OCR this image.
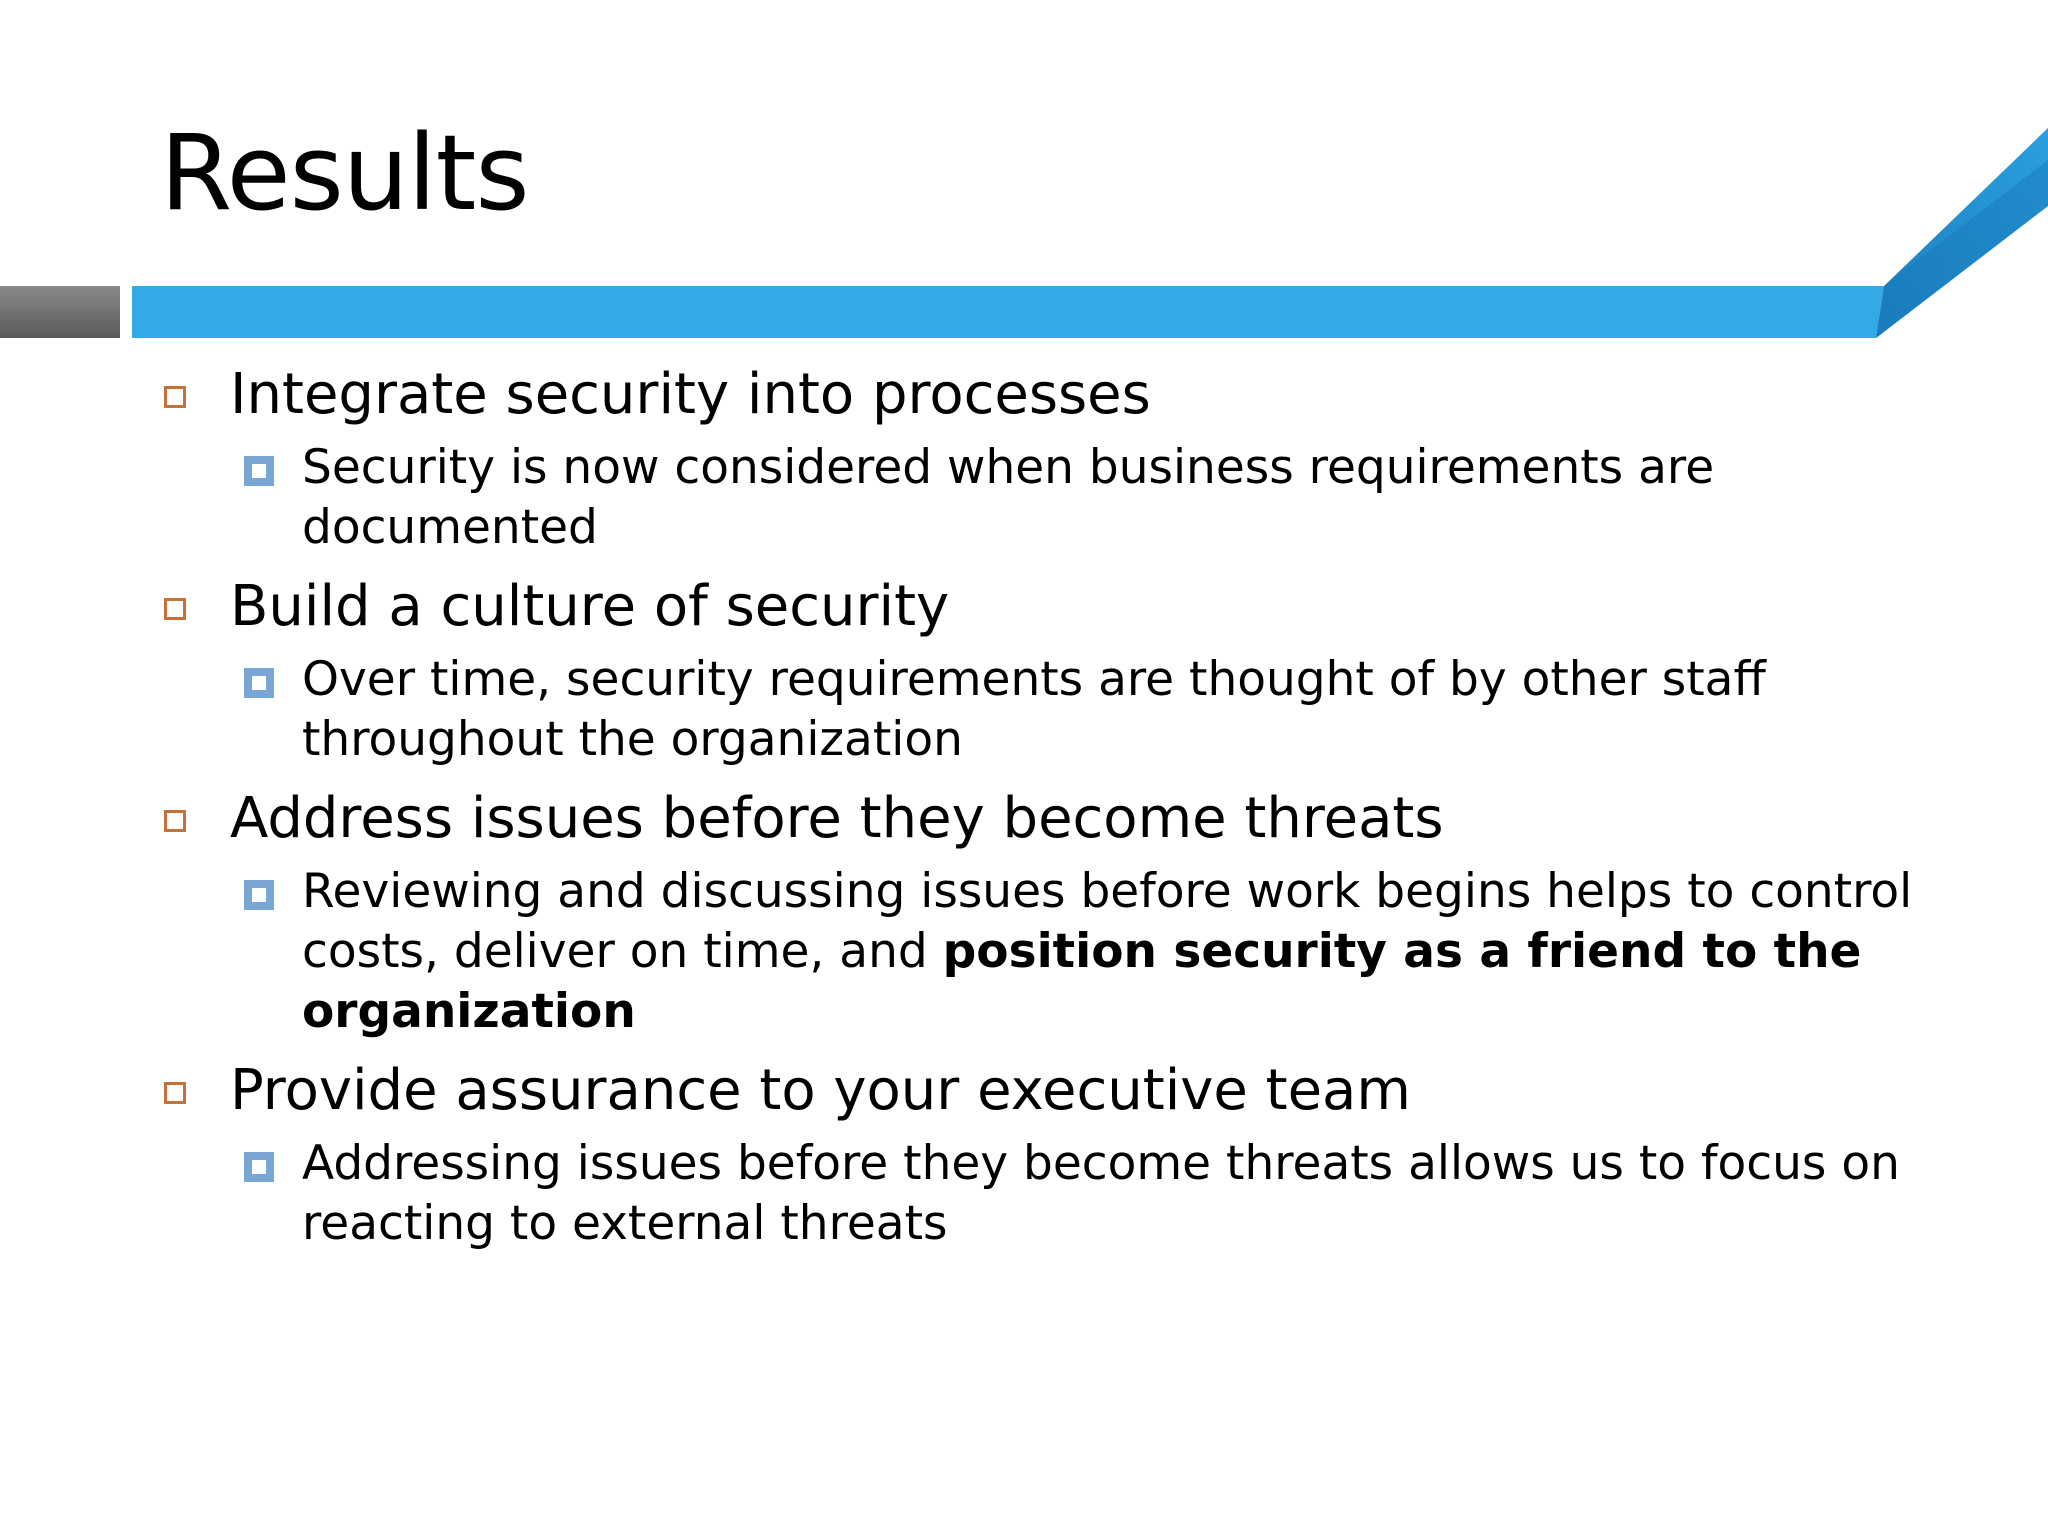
Results
Integrate security into processes
Security is now considered when business requirements are documented
Build a culture of security
Over time, security requirements are thought of by other staff throughout the organization
Address issues before they become threats
Reviewing and discussing issues before work begins helps to control costs, deliver on time, and position security as a friend to the organization
Provide assurance to your executive team
Addressing issues before they become threats allows us to focus on reacting to external threats
